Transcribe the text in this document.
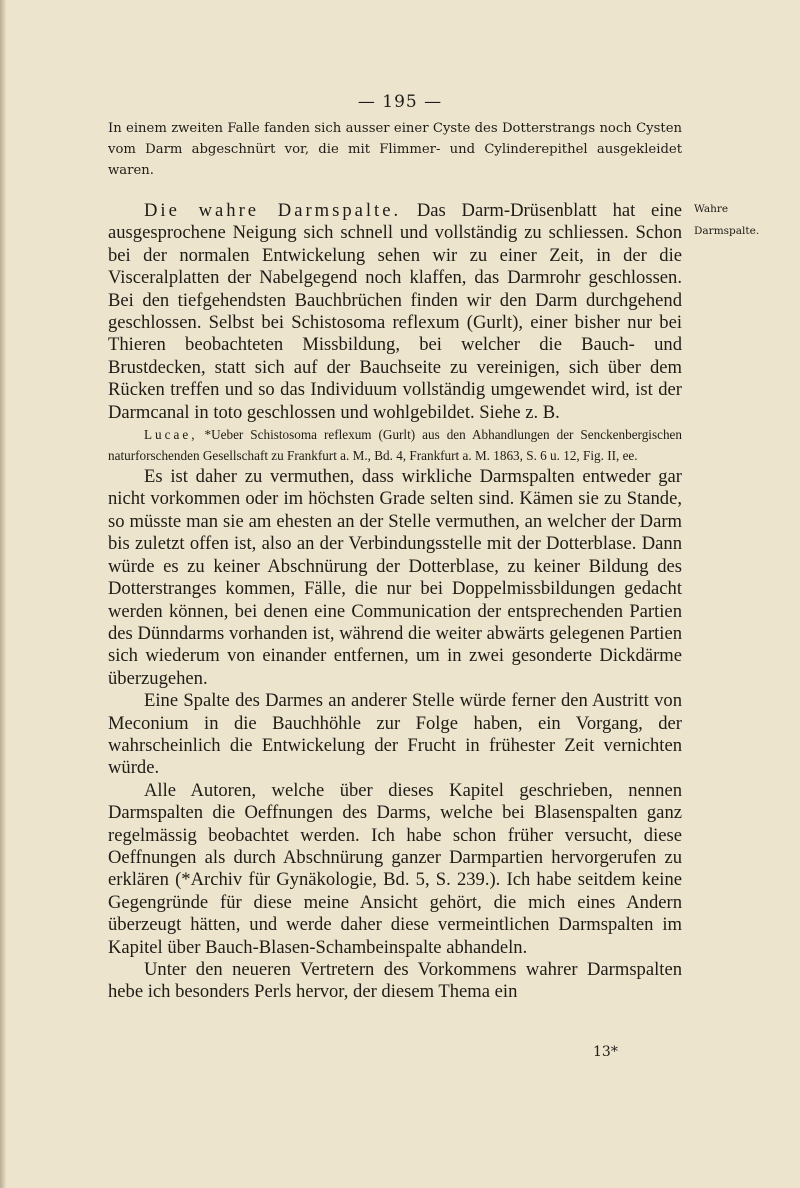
— 195 —
In einem zweiten Falle fanden sich ausser einer Cyste des Dotterstrangs noch Cysten vom Darm abgeschnürt vor, die mit Flimmer- und Cylinderepithel ausgekleidet waren.
Wahre
Darmspalte.
Die wahre Darmspalte. Das Darm-Drüsenblatt hat eine ausgesprochene Neigung sich schnell und vollständig zu schliessen. Schon bei der normalen Entwickelung sehen wir zu einer Zeit, in der die Visceralplatten der Nabelgegend noch klaffen, das Darmrohr geschlossen. Bei den tiefgehendsten Bauchbrüchen finden wir den Darm durchgehend geschlossen. Selbst bei Schistosoma reflexum (Gurlt), einer bisher nur bei Thieren beobachteten Missbildung, bei welcher die Bauch- und Brustdecken, statt sich auf der Bauchseite zu vereinigen, sich über dem Rücken treffen und so das Individuum vollständig umgewendet wird, ist der Darmcanal in toto geschlossen und wohlgebildet. Siehe z. B.
Lucae, *Ueber Schistosoma reflexum (Gurlt) aus den Abhandlungen der Senckenbergischen naturforschenden Gesellschaft zu Frankfurt a. M., Bd. 4, Frankfurt a. M. 1863, S. 6 u. 12, Fig. II, ee.
Es ist daher zu vermuthen, dass wirkliche Darmspalten entweder gar nicht vorkommen oder im höchsten Grade selten sind. Kämen sie zu Stande, so müsste man sie am ehesten an der Stelle vermuthen, an welcher der Darm bis zuletzt offen ist, also an der Verbindungsstelle mit der Dotterblase. Dann würde es zu keiner Abschnürung der Dotterblase, zu keiner Bildung des Dotterstranges kommen, Fälle, die nur bei Doppelmissbildungen gedacht werden können, bei denen eine Communication der entsprechenden Partien des Dünndarms vorhanden ist, während die weiter abwärts gelegenen Partien sich wiederum von einander entfernen, um in zwei gesonderte Dickdärme überzugehen.
Eine Spalte des Darmes an anderer Stelle würde ferner den Austritt von Meconium in die Bauchhöhle zur Folge haben, ein Vorgang, der wahrscheinlich die Entwickelung der Frucht in frühester Zeit vernichten würde.
Alle Autoren, welche über dieses Kapitel geschrieben, nennen Darmspalten die Oeffnungen des Darms, welche bei Blasenspalten ganz regelmässig beobachtet werden. Ich habe schon früher versucht, diese Oeffnungen als durch Abschnürung ganzer Darmpartien hervorgerufen zu erklären (*Archiv für Gynäkologie, Bd. 5, S. 239.). Ich habe seitdem keine Gegengründe für diese meine Ansicht gehört, die mich eines Andern überzeugt hätten, und werde daher diese vermeintlichen Darmspalten im Kapitel über Bauch-Blasen-Schambeinspalte abhandeln.
Unter den neueren Vertretern des Vorkommens wahrer Darmspalten hebe ich besonders Perls hervor, der diesem Thema ein
13*
